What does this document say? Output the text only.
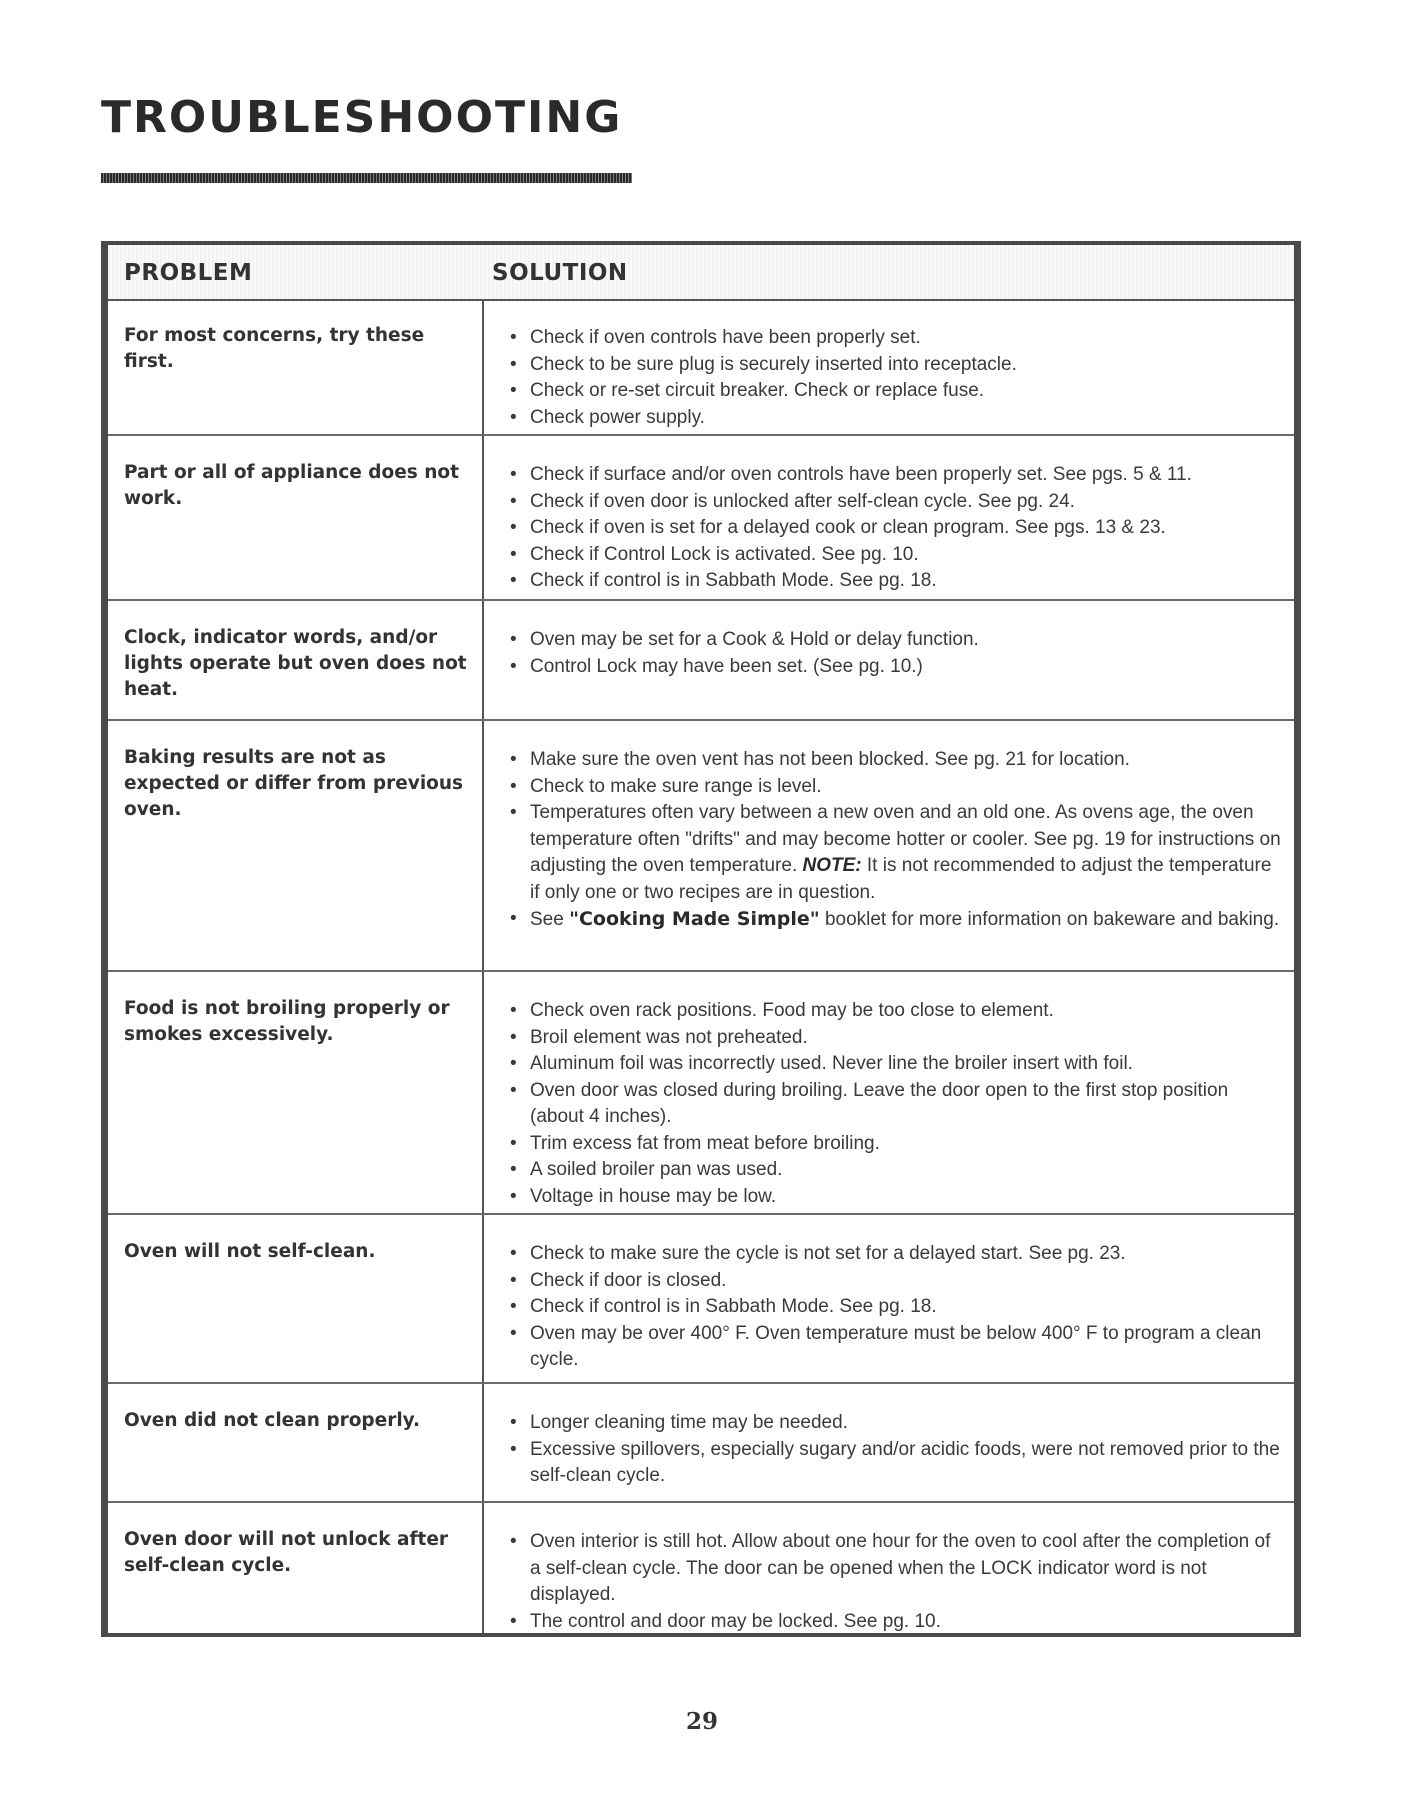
TROUBLESHOOTING
PROBLEM	SOLUTION

For most concerns, try these first.

• Check if oven controls have been properly set.
• Check to be sure plug is securely inserted into receptacle.
• Check or re-set circuit breaker. Check or replace fuse.
• Check power supply.

Part or all of appliance does not work.

• Check if surface and/or oven controls have been properly set. See pgs. 5 & 11.
• Check if oven door is unlocked after self-clean cycle. See pg. 24.
• Check if oven is set for a delayed cook or clean program. See pgs. 13 & 23.
• Check if Control Lock is activated. See pg. 10.
• Check if control is in Sabbath Mode. See pg. 18.

Clock, indicator words, and/or lights operate but oven does not heat.

• Oven may be set for a Cook & Hold or delay function.
• Control Lock may have been set. (See pg. 10.)

Baking results are not as expected or differ from previous oven.

• Make sure the oven vent has not been blocked. See pg. 21 for location.
• Check to make sure range is level.
• Temperatures often vary between a new oven and an old one. As ovens age, the oven temperature often "drifts" and may become hotter or cooler. See pg. 19 for instructions on adjusting the oven temperature. NOTE: It is not recommended to adjust the temperature if only one or two recipes are in question.
• See "Cooking Made Simple" booklet for more information on bakeware and baking.

Food is not broiling properly or smokes excessively.

• Check oven rack positions. Food may be too close to element.
• Broil element was not preheated.
• Aluminum foil was incorrectly used. Never line the broiler insert with foil.
• Oven door was closed during broiling. Leave the door open to the first stop position (about 4 inches).
• Trim excess fat from meat before broiling.
• A soiled broiler pan was used.
• Voltage in house may be low.

Oven will not self-clean.	• Check to make sure the cycle is not set for a delayed start. See pg. 23.
• Check if door is closed.
• Check if control is in Sabbath Mode. See pg. 18.
• Oven may be over 400° F. Oven temperature must be below 400° F to program a clean cycle.

Oven did not clean properly.	• Longer cleaning time may be needed.
• Excessive spillovers, especially sugary and/or acidic foods, were not removed prior to the self-clean cycle.

Oven door will not unlock after self-clean cycle.

• Oven interior is still hot. Allow about one hour for the oven to cool after the completion of a self-clean cycle. The door can be opened when the LOCK indicator word is not displayed.
• The control and door may be locked. See pg. 10.
29
